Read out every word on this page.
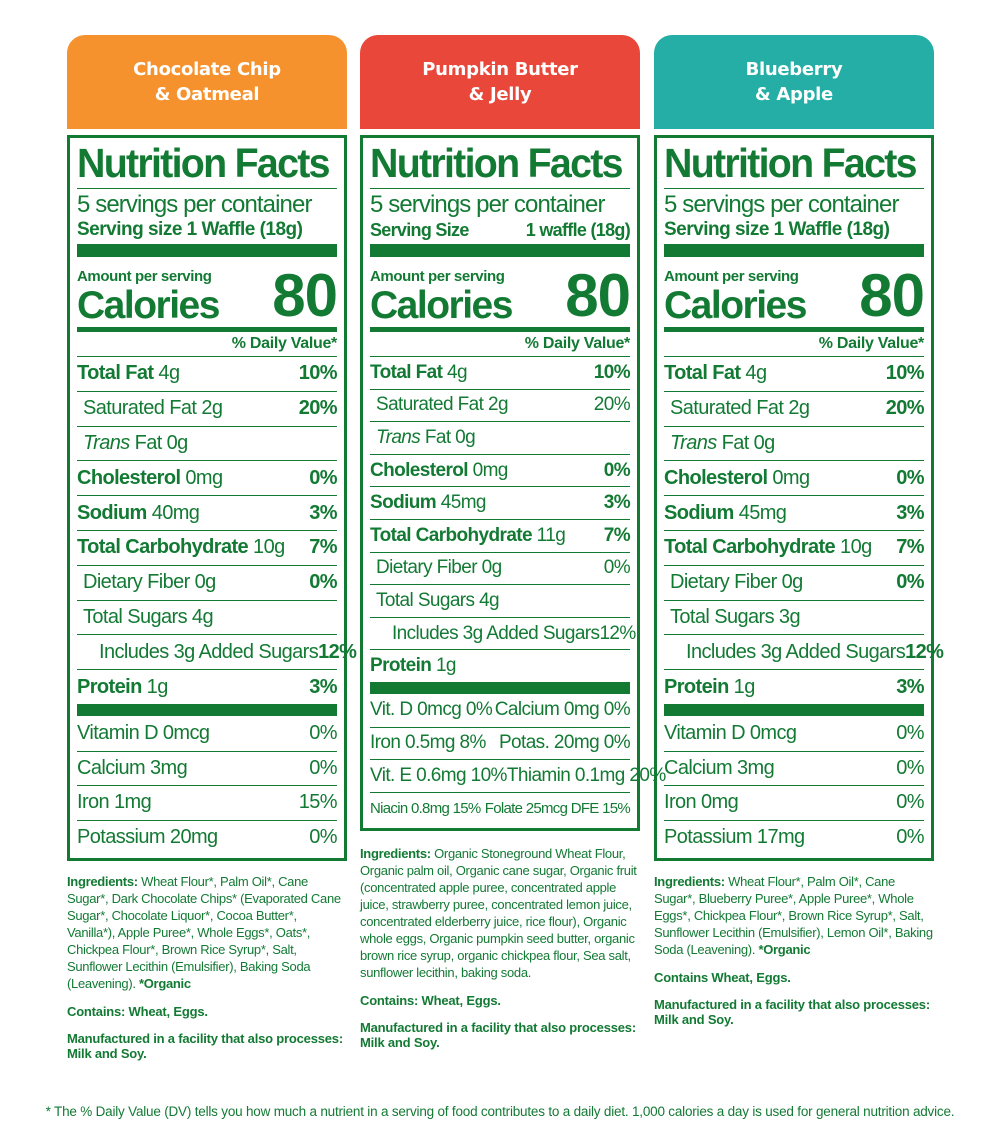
Chocolate Chip
& Oatmeal
Nutrition Facts
5 servings per container
Serving size 1 Waffle (18g)
Amount per serving
Calories 80
% Daily Value*
Total Fat 4g	10%
Saturated Fat 2g	20%
Trans Fat 0g
Cholesterol 0mg	0%
Sodium 40mg	3%
Total Carbohydrate 10g 7%
Dietary Fiber 0g	0%
Total Sugars 4g
Includes 3g Added Sugars 12%
Protein 1g	3%
Vitamin D 0mcg	0%
Calcium 3mg	0%
Iron 1mg	15%
Potassium 20mg	0%
Ingredients: Wheat Flour*, Palm Oil*, Cane Sugar*, Dark Chocolate Chips* (Evaporated Cane Sugar*, Chocolate Liquor*, Cocoa Butter*, Vanilla*), Apple Puree*, Whole Eggs*, Oats*, Chickpea Flour*, Brown Rice Syrup*, Salt, Sunflower Lecithin (Emulsifier), Baking Soda (Leavening). *Organic
Contains: Wheat, Eggs.
Manufactured in a facility that also processes: Milk and Soy.
Pumpkin Butter
& Jelly
Nutrition Facts
5 servings per container
Serving Size	1 waffle (18g)
Amount per serving
Calories 80
% Daily Value*
Total Fat 4g	10%
Saturated Fat 2g	20%
Trans Fat 0g
Cholesterol 0mg	0%
Sodium 45mg	3%
Total Carbohydrate 11g 7%
Dietary Fiber 0g	0%
Total Sugars 4g
Includes 3g Added Sugars 12%
Protein 1g
Vit. D 0mcg 0% Calcium 0mg 0%
Iron 0.5mg 8% Potas. 20mg 0%
Vit. E 0.6mg 10% Thiamin 0.1mg 20%
Niacin 0.8mg 15% Folate 25mcg DFE 15%
Ingredients: Organic Stoneground Wheat Flour, Organic palm oil, Organic cane sugar, Organic fruit (concentrated apple puree, concentrated apple juice, strawberry puree, concentrated lemon juice, concentrated elderberry juice, rice flour), Organic whole eggs, Organic pumpkin seed butter, organic brown rice syrup, organic chickpea flour, Sea salt, sunflower lecithin, baking soda.
Contains: Wheat, Eggs.
Manufactured in a facility that also processes: Milk and Soy.
Blueberry
& Apple
Nutrition Facts
5 servings per container
Serving size 1 Waffle (18g)
Amount per serving
Calories 80
% Daily Value*
Total Fat 4g	10%
Saturated Fat 2g	20%
Trans Fat 0g
Cholesterol 0mg	0%
Sodium 45mg	3%
Total Carbohydrate 10g 7%
Dietary Fiber 0g	0%
Total Sugars 3g
Includes 3g Added Sugars 12%
Protein 1g	3%
Vitamin D 0mcg	0%
Calcium 3mg	0%
Iron 0mg	0%
Potassium 17mg	0%
Ingredients: Wheat Flour*, Palm Oil*, Cane Sugar*, Blueberry Puree*, Apple Puree*, Whole Eggs*, Chickpea Flour*, Brown Rice Syrup*, Salt, Sunflower Lecithin (Emulsifier), Lemon Oil*, Baking Soda (Leavening). *Organic
Contains Wheat, Eggs.
Manufactured in a facility that also processes: Milk and Soy.
* The % Daily Value (DV) tells you how much a nutrient in a serving of food contributes to a daily diet. 1,000 calories a day is used for general nutrition advice.
